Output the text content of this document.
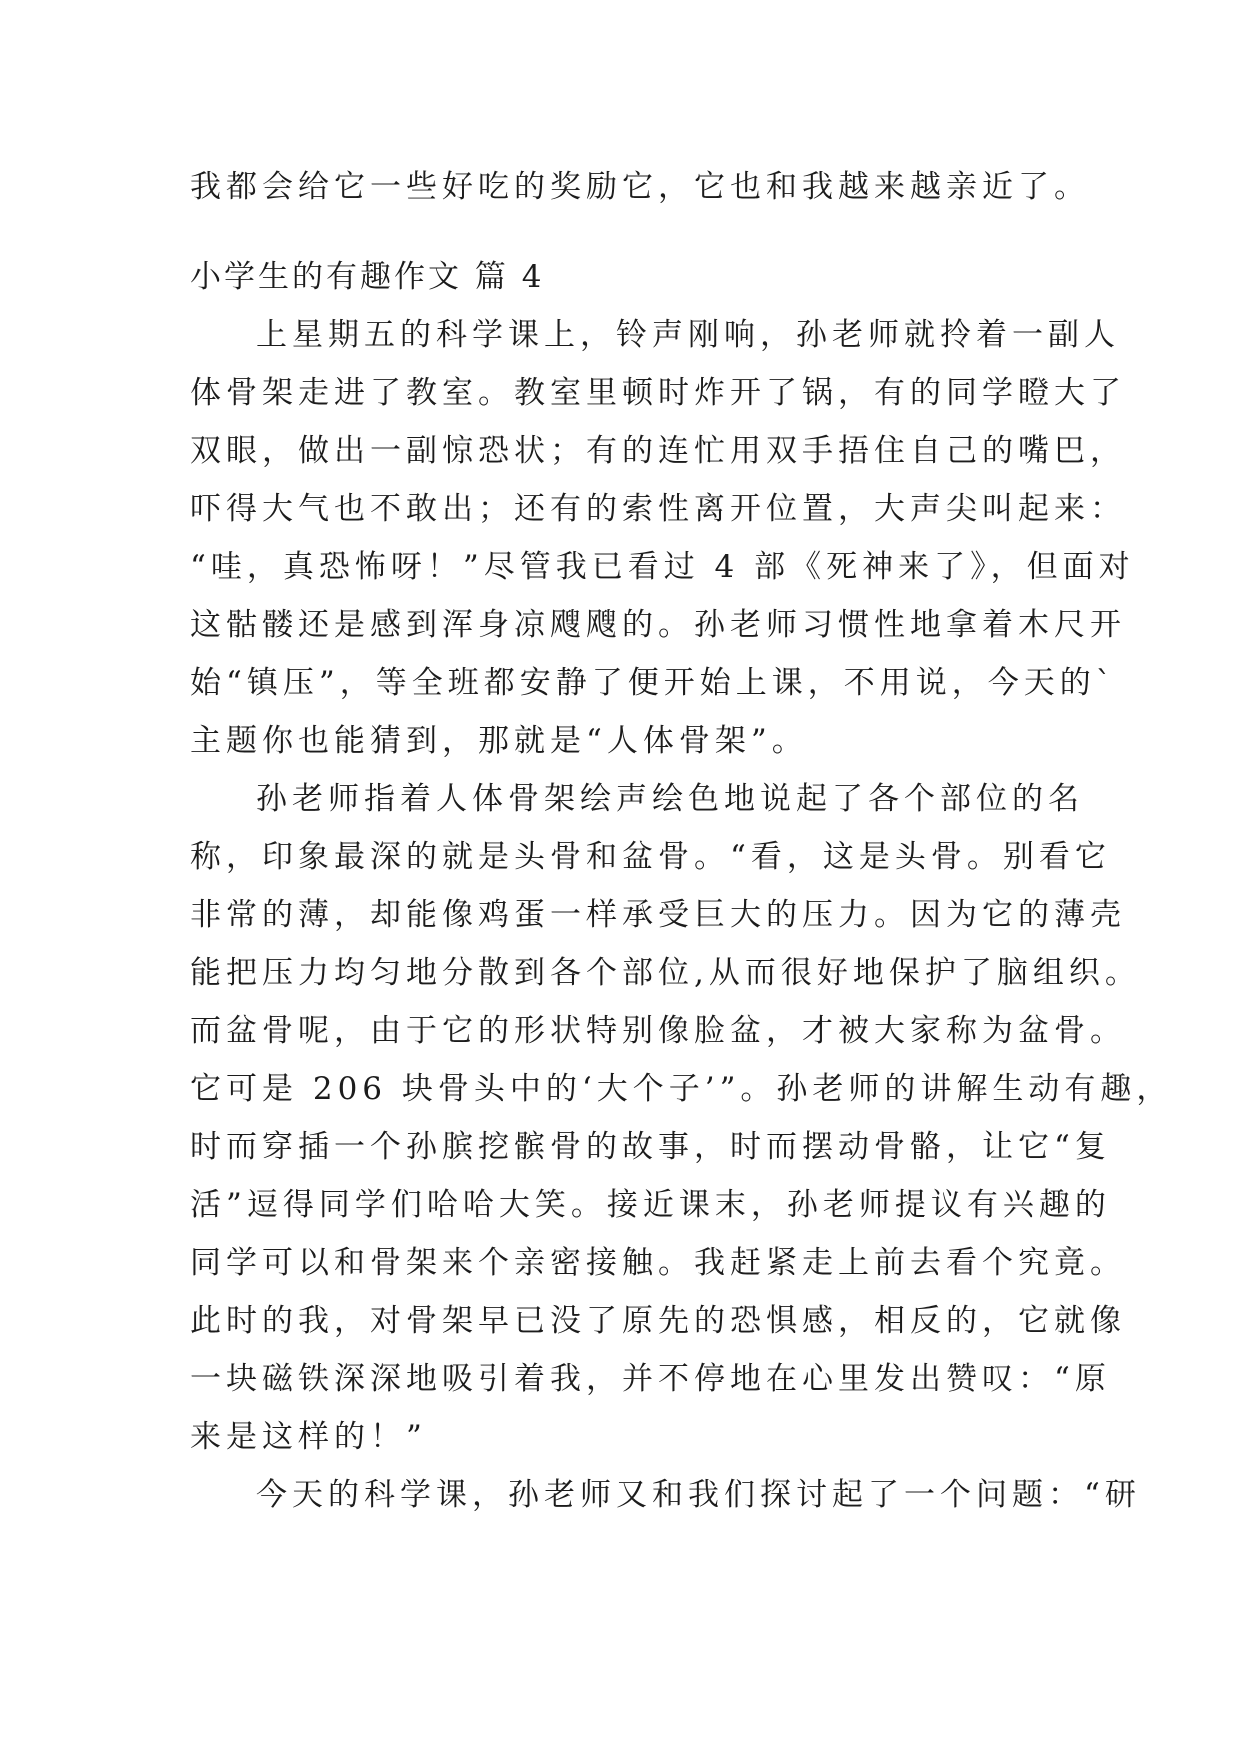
我都会给它一些好吃的奖励它，它也和我越来越亲近了。
小学生的有趣作文 篇 4
上星期五的科学课上，铃声刚响，孙老师就拎着一副人
体骨架走进了教室。教室里顿时炸开了锅，有的同学瞪大了
双眼，做出一副惊恐状；有的连忙用双手捂住自己的嘴巴，
吓得大气也不敢出；还有的索性离开位置，大声尖叫起来：
“哇，真恐怖呀！”尽管我已看过 4 部《死神来了》，但面对
这骷髅还是感到浑身凉飕飕的。孙老师习惯性地拿着木尺开
始“镇压”，等全班都安静了便开始上课，不用说，今天的`
主题你也能猜到，那就是“人体骨架”。
孙老师指着人体骨架绘声绘色地说起了各个部位的名
称，印象最深的就是头骨和盆骨。“看，这是头骨。别看它
非常的薄，却能像鸡蛋一样承受巨大的压力。因为它的薄壳
能把压力均匀地分散到各个部位,从而很好地保护了脑组织。
而盆骨呢，由于它的形状特别像脸盆，才被大家称为盆骨。
它可是 206 块骨头中的‘大个子’”。孙老师的讲解生动有趣，
时而穿插一个孙膑挖髌骨的故事，时而摆动骨骼，让它“复
活”逗得同学们哈哈大笑。接近课末，孙老师提议有兴趣的
同学可以和骨架来个亲密接触。我赶紧走上前去看个究竟。
此时的我，对骨架早已没了原先的恐惧感，相反的，它就像
一块磁铁深深地吸引着我，并不停地在心里发出赞叹：“原
来是这样的！”
今天的科学课，孙老师又和我们探讨起了一个问题：“研
